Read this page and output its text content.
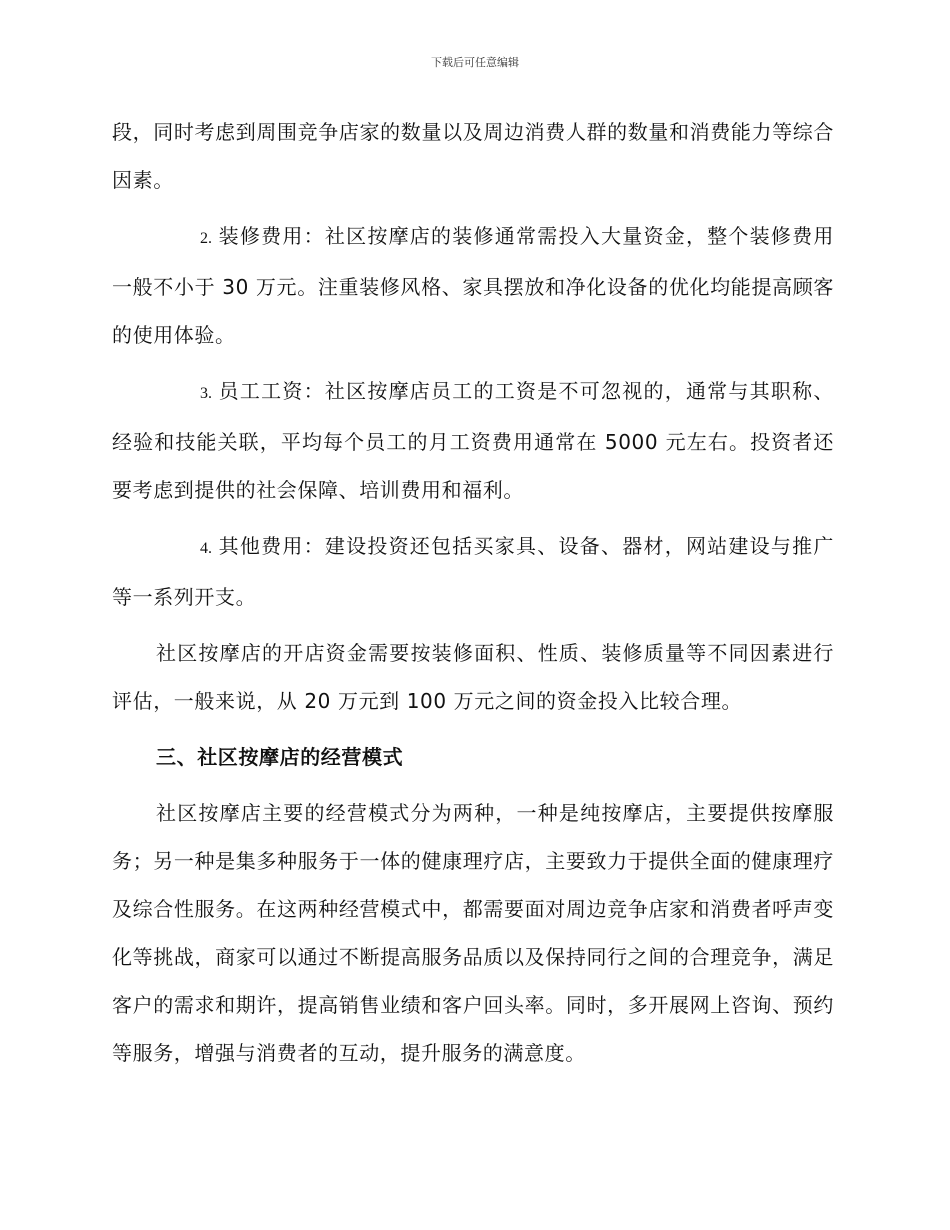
下载后可任意编辑

段，同时考虑到周围竞争店家的数量以及周边消费人群的数量和消费能力等综合因素。

2. 装修费用：社区按摩店的装修通常需投入大量资金，整个装修费用一般不小于 30 万元。注重装修风格、家具摆放和净化设备的优化均能提高顾客的使用体验。

3. 员工工资：社区按摩店员工的工资是不可忽视的，通常与其职称、经验和技能关联，平均每个员工的月工资费用通常在 5000 元左右。投资者还要考虑到提供的社会保障、培训费用和福利。

4. 其他费用：建设投资还包括买家具、设备、器材，网站建设与推广等一系列开支。

社区按摩店的开店资金需要按装修面积、性质、装修质量等不同因素进行评估，一般来说，从 20 万元到 100 万元之间的资金投入比较合理。

三、社区按摩店的经营模式

社区按摩店主要的经营模式分为两种，一种是纯按摩店，主要提供按摩服务；另一种是集多种服务于一体的健康理疗店，主要致力于提供全面的健康理疗及综合性服务。在这两种经营模式中，都需要面对周边竞争店家和消费者呼声变化等挑战，商家可以通过不断提高服务品质以及保持同行之间的合理竞争，满足客户的需求和期许，提高销售业绩和客户回头率。同时，多开展网上咨询、预约等服务，增强与消费者的互动，提升服务的满意度。
